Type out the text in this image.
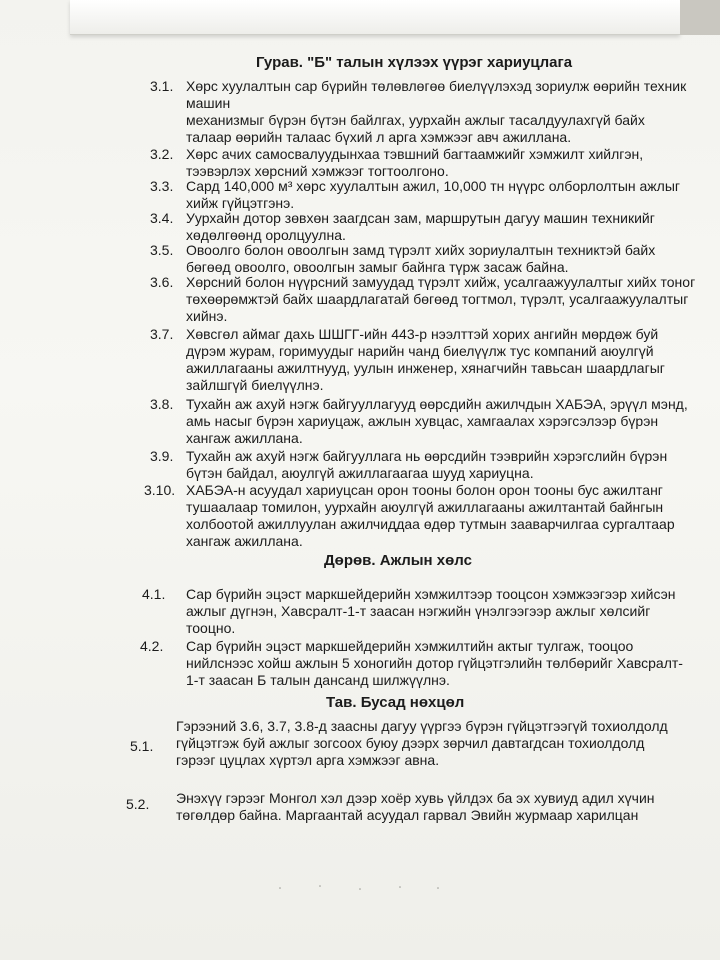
Гурав. "Б" талын хүлээх үүрэг хариуцлага
3.1. Хөрс хуулалтын сар бүрийн төлөвлөгөө биелүүлэхэд зориулж өөрийн техник
машин
механизмыг бүрэн бүтэн байлгах, уурхайн ажлыг тасалдуулахгүй байх
талаар өөрийн талаас бүхий л арга хэмжээг авч ажиллана.
3.2. Хөрс ачих самосвалуудынхаа тэвшний багтаамжийг хэмжилт хийлгэн,
тээвэрлэх хөрсний хэмжээг тогтоолгоно.
3.3. Сард 140,000 м³ хөрс хуулалтын ажил, 10,000 тн нүүрс олборлолтын ажлыг
хийж гүйцэтгэнэ.
3.4. Уурхайн дотор зөвхөн заагдсан зам, маршрутын дагуу машин техникийг
хөдөлгөөнд оролцуулна.
3.5. Овоолго болон овоолгын замд түрэлт хийх зориулалтын техниктэй байх
бөгөөд овоолго, овоолгын замыг байнга түрж засаж байна.
3.6. Хөрсний болон нүүрсний замуудад түрэлт хийж, усалгаажуулалтыг хийх тоног
төхөөрөмжтэй байх шаардлагатай бөгөөд тогтмол, түрэлт, усалгаажуулалтыг
хийнэ.
3.7. Хөвсгөл аймаг дахь ШШГГ-ийн 443-р нээлттэй хорих ангийн мөрдөж буй
дүрэм журам, горимуудыг нарийн чанд биелүүлж тус компаний аюулгүй
ажиллагааны ажилтнууд, уулын инженер, хянагчийн тавьсан шаардлагыг
зайлшгүй биелүүлнэ.
3.8. Тухайн аж ахуй нэгж байгууллагууд өөрсдийн ажилчдын ХАБЭА, эрүүл мэнд,
амь насыг бүрэн хариуцаж, ажлын хувцас, хамгаалах хэрэгсэлээр бүрэн
хангаж ажиллана.
3.9. Тухайн аж ахуй нэгж байгууллага нь өөрсдийн тээврийн хэрэгслийн бүрэн
бүтэн байдал, аюулгүй ажиллагаагаа шууд хариуцна.
3.10. ХАБЭА-н асуудал хариуцсан орон тооны болон орон тооны бус ажилтанг
тушаалаар томилон, уурхайн аюулгүй ажиллагааны ажилтантай байнгын
холбоотой ажиллуулан ажилчиддаа өдөр тутмын зааварчилгаа сургалтаар
хангаж ажиллана.
Дөрөв. Ажлын хөлс
4.1. Сар бүрийн эцэст маркшейдерийн хэмжилтээр тооцсон хэмжээгээр хийсэн
ажлыг дүгнэн, Хавсралт-1-т заасан нэгжийн үнэлгээгээр ажлыг хөлсийг
тооцно.
4.2. Сар бүрийн эцэст маркшейдерийн хэмжилтийн актыг тулгаж, тооцоо
нийлснээс хойш ажлын 5 хоногийн дотор гүйцэтгэлийн төлбөрийг Хавсралт-
1-т заасан Б талын дансанд шилжүүлнэ.
Тав. Бусад нөхцөл
5.1.
Гэрээний 3.6, 3.7, 3.8-д заасны дагуу үүргээ бүрэн гүйцэтгээгүй тохиолдолд
гүйцэтгэж буй ажлыг зогсоох буюу дээрх зөрчил давтагдсан тохиолдолд
гэрээг цуцлах хүртэл арга хэмжээг авна.
5.2. Энэхүү гэрээг Монгол хэл дээр хоёр хувь үйлдэх ба эх хувиуд адил хүчин
төгөлдөр байна. Маргаантай асуудал гарвал Эвийн журмаар харилцан
